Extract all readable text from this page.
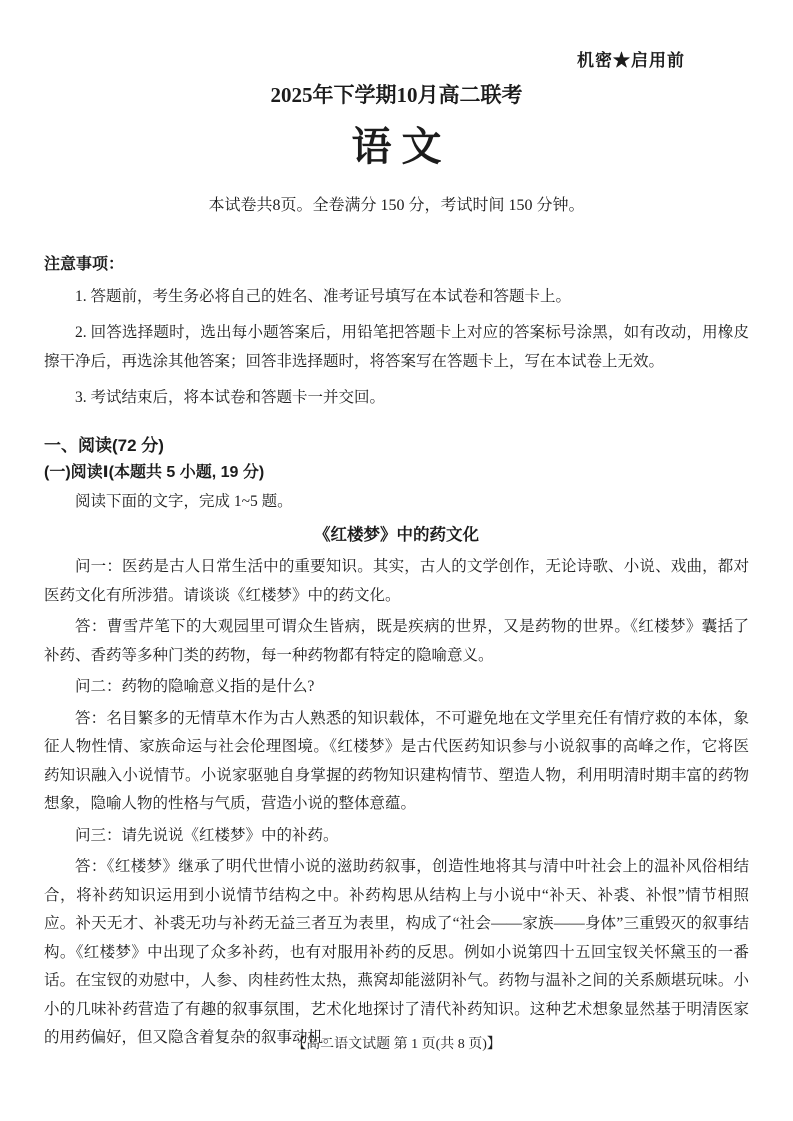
机密★启用前
2025年下学期10月高二联考
语文
本试卷共8页。全卷满分 150 分，考试时间 150 分钟。
注意事项：

1. 答题前，考生务必将自己的姓名、准考证号填写在本试卷和答题卡上。

2. 回答选择题时，选出每小题答案后，用铅笔把答题卡上对应的答案标号涂黑，如有改动，用橡皮擦干净后，再选涂其他答案；回答非选择题时，将答案写在答题卡上，写在本试卷上无效。

3. 考试结束后，将本试卷和答题卡一并交回。

一、阅读(72 分)
(一)阅读Ⅰ(本题共 5 小题, 19 分)

阅读下面的文字，完成 1~5 题。

《红楼梦》中的药文化

问一：医药是古人日常生活中的重要知识。其实，古人的文学创作，无论诗歌、小说、戏曲，都对医药文化有所涉猎。请谈谈《红楼梦》中的药文化。

答：曹雪芹笔下的大观园里可谓众生皆病，既是疾病的世界，又是药物的世界。《红楼梦》囊括了补药、香药等多种门类的药物，每一种药物都有特定的隐喻意义。

问二：药物的隐喻意义指的是什么?

答：名目繁多的无情草木作为古人熟悉的知识载体，不可避免地在文学里充任有情疗救的本体，象征人物性情、家族命运与社会伦理图境。《红楼梦》是古代医药知识参与小说叙事的高峰之作，它将医药知识融入小说情节。小说家驱驰自身掌握的药物知识建构情节、塑造人物，利用明清时期丰富的药物想象，隐喻人物的性格与气质，营造小说的整体意蕴。

问三：请先说说《红楼梦》中的补药。

答：《红楼梦》继承了明代世情小说的滋助药叙事，创造性地将其与清中叶社会上的温补风俗相结合，将补药知识运用到小说情节结构之中。补药构思从结构上与小说中“补天、补裘、补恨”情节相照应。补天无才、补裘无功与补药无益三者互为表里，构成了“社会——家族——身体”三重毁灭的叙事结构。《红楼梦》中出现了众多补药，也有对服用补药的反思。例如小说第四十五回宝钗关怀黛玉的一番话。在宝钗的劝慰中，人参、肉桂药性太热，燕窝却能滋阴补气。药物与温补之间的关系颇堪玩味。小小的几味补药营造了有趣的叙事氛围，艺术化地探讨了清代补药知识。这种艺术想象显然基于明清医家的用药偏好，但又隐含着复杂的叙事动机。

【高二语文试题 第 1 页(共 8 页)】
